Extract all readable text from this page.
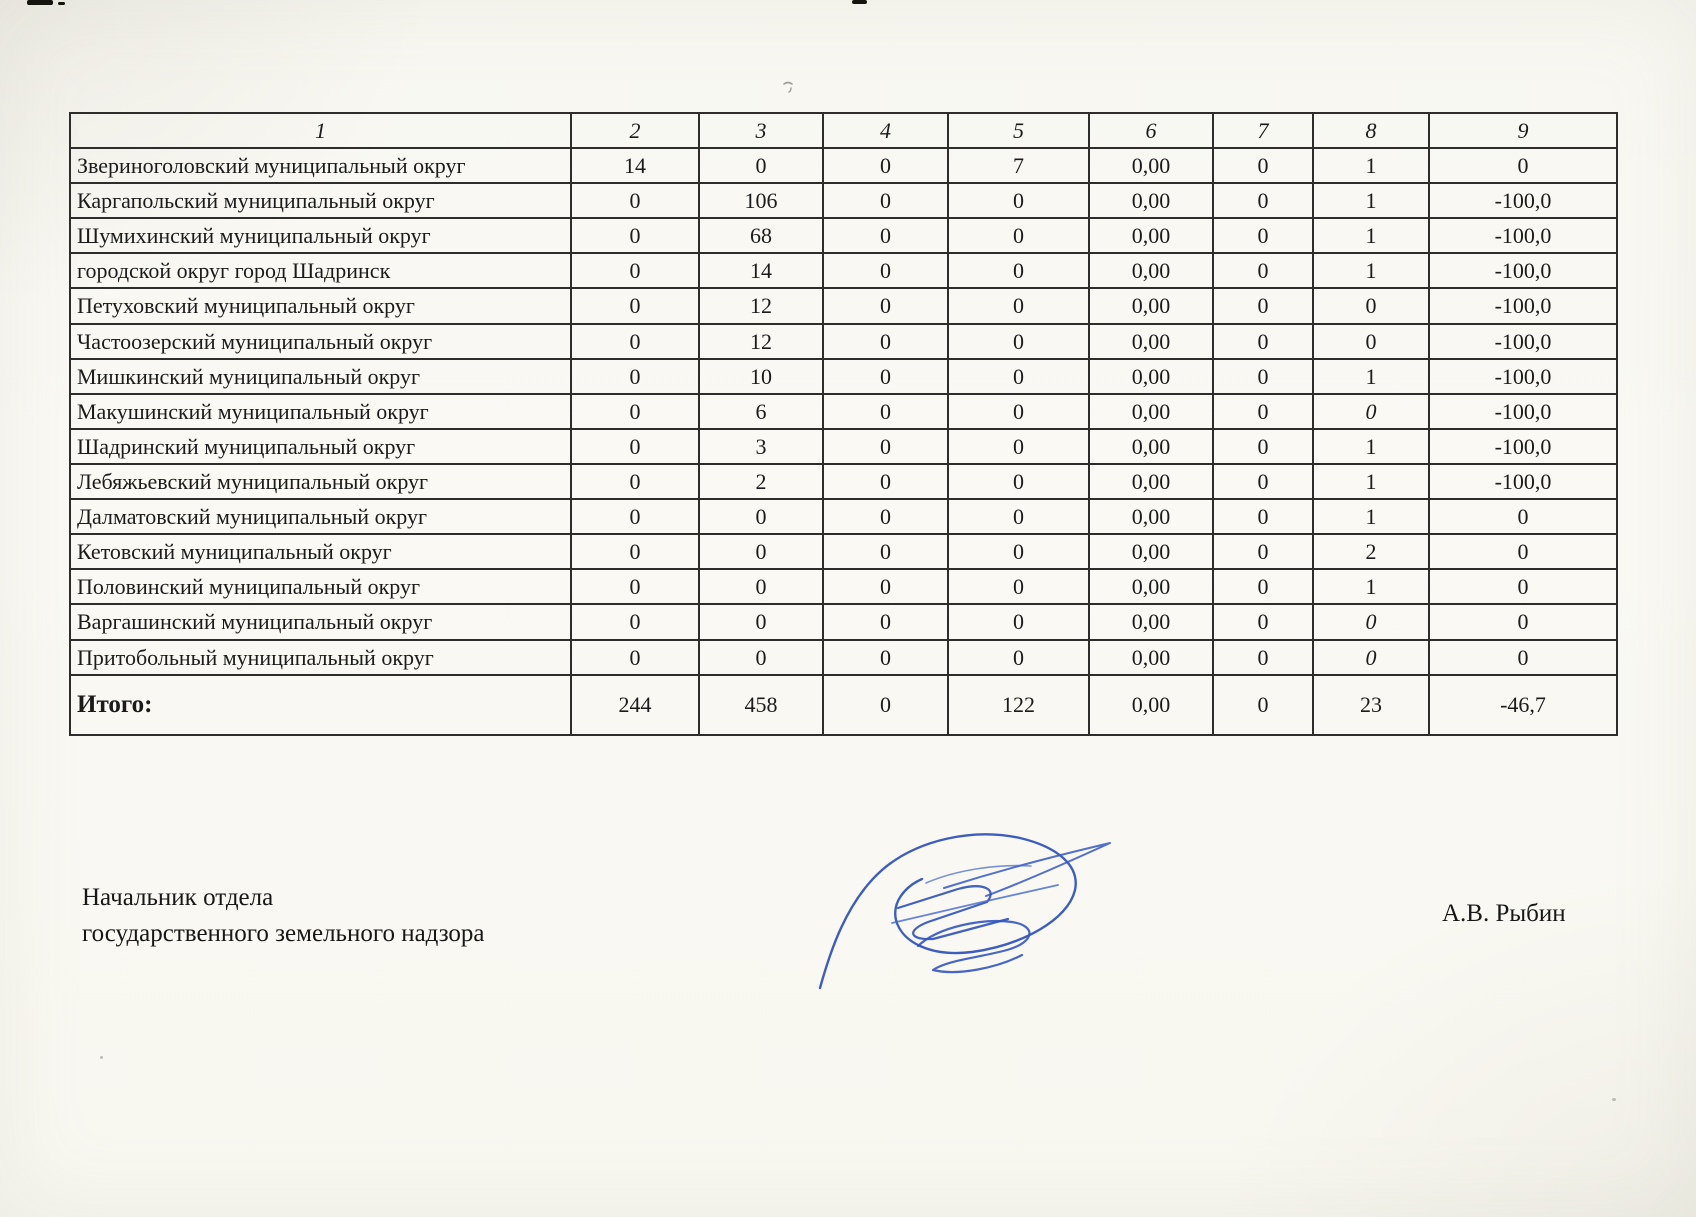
1	2	3	4	5	6	7	8	9
Звериноголовский муниципальный округ	14	0	0	7	0,00	0	1	0
Каргапольский муниципальный округ	0	106	0	0	0,00	0	1	-100,0
Шумихинский муниципальный округ	0	68	0	0	0,00	0	1	-100,0
городской округ город Шадринск	0	14	0	0	0,00	0	1	-100,0
Петуховский муниципальный округ	0	12	0	0	0,00	0	0	-100,0
Частоозерский муниципальный округ	0	12	0	0	0,00	0	0	-100,0
Мишкинский муниципальный округ	0	10	0	0	0,00	0	1	-100,0
Макушинский муниципальный округ	0	6	0	0	0,00	0	0	-100,0
Шадринский муниципальный округ	0	3	0	0	0,00	0	1	-100,0
Лебяжьевский муниципальный округ	0	2	0	0	0,00	0	1	-100,0
Далматовский муниципальный округ	0	0	0	0	0,00	0	1	0
Кетовский муниципальный округ	0	0	0	0	0,00	0	2	0
Половинский муниципальный округ	0	0	0	0	0,00	0	1	0
Варгашинский муниципальный округ	0	0	0	0	0,00	0	0	0
Притобольный муниципальный округ	0	0	0	0	0,00	0	0	0
Итого:	244	458	0	122	0,00	0	23	-46,7
Начальник отдела
государственного земельного надзора
А.В. Рыбин
